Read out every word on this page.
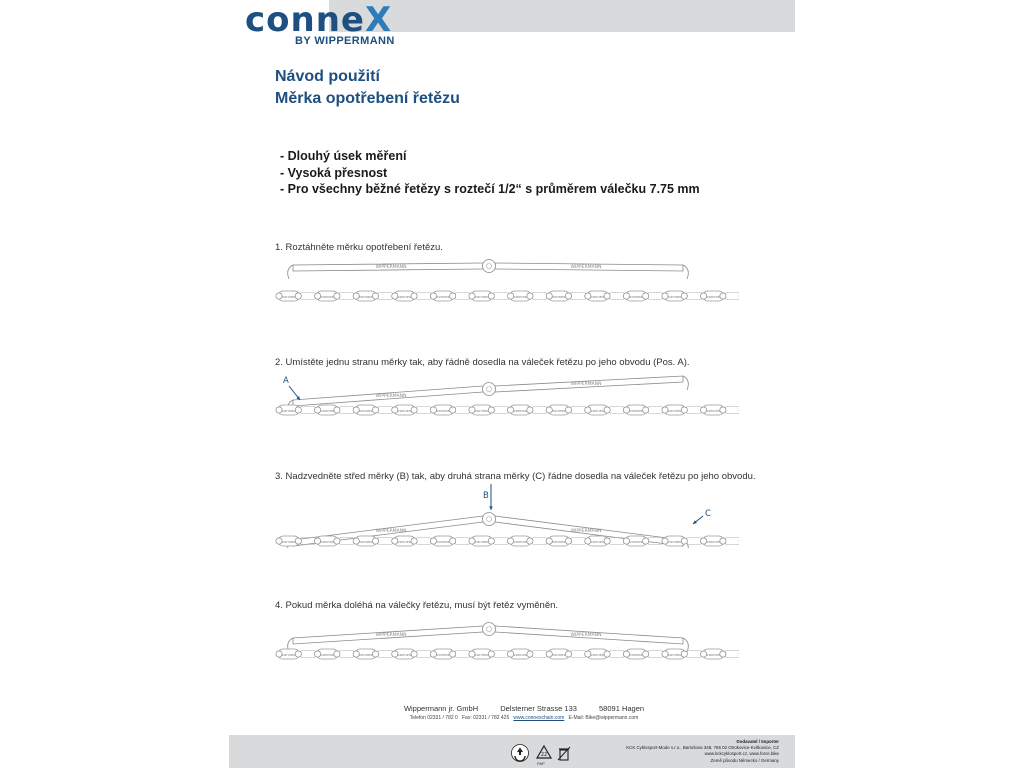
conneX
BY WIPPERMANN
Návod použití
Měrka opotřebení řetězu
- Dlouhý úsek měření
- Vysoká přesnost
- Pro všechny běžné řetězy s roztečí 1/2“ s průměrem válečku 7.75 mm
1. Roztáhněte měrku opotřebení řetězu.
WIPPERMANN	WIPPERMANN
connex	connex	connex	connex	connex	connex	connex	connex	connex	connex	connex	connex
2. Umístěte jednu stranu měrky tak, aby řádně dosedla na váleček řetězu po jeho obvodu (Pos. A).
WIPPERMANN
WIPPERMANN
connex	connex	connex	connex	connex	connex	connex	connex	connex	connex	connex	connex
A
3. Nadzvedněte střed měrky (B) tak, aby druhá strana měrky (C) řádne dosedla na váleček řetězu po jeho obvodu.
WIPPERMANN	WIPPERMANN
connex	connex	connex	connex	connex	connex	connex	connex	connex	connex	connex	connex
B
C
4. Pokud měrka doléhá na válečky řetězu, musí být řetěz vyměněn.
WIPPERMANN	WIPPERMANN
connex	connex	connex	connex	connex	connex	connex	connex	connex	connex	connex	connex
Wippermann jr. GmbH	Delsterner Strasse 133	58091 Hagen
Telefon 02331 / 782 0 Fax: 02331 / 782 425 www.connexchain.com E-Mail: Bike@wippermann.com
22
PAP
Dodavatel / Importer
KCK Cyklosport-Mode s.r.o., Bartošova 348, 765 02 Otrokovice-Kvítkovice, CZ
www.kckcyklosport.cz, www.force.bike
Země původu Německo / Germany
